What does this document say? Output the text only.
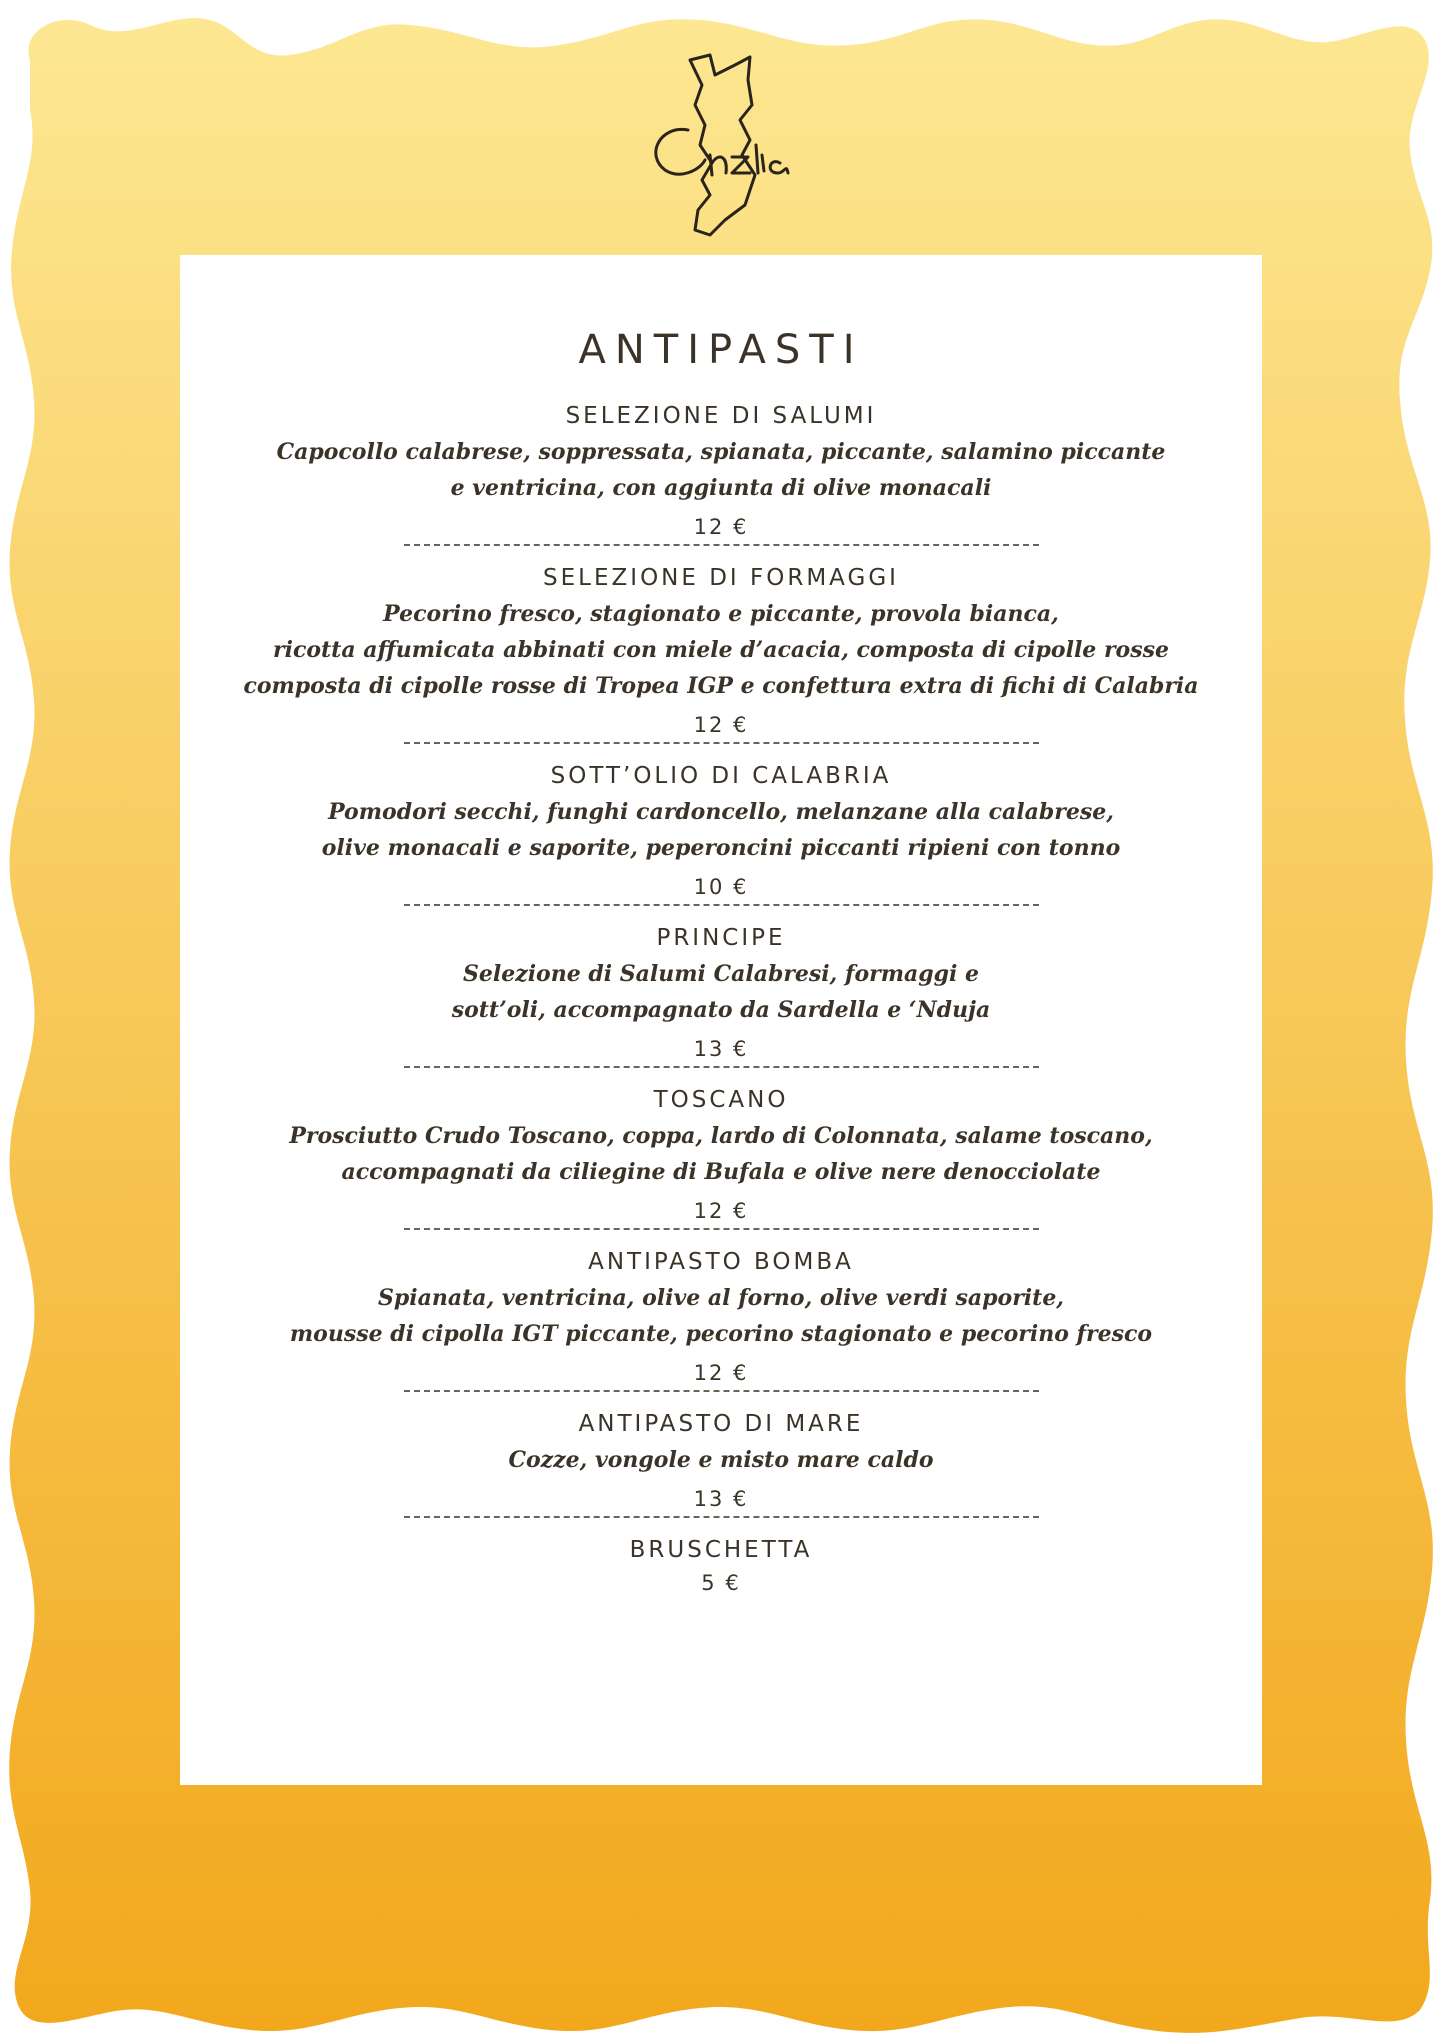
ANTIPASTI
SELEZIONE DI SALUMI
Capocollo calabrese, soppressata, spianata, piccante, salamino piccante
e ventricina, con aggiunta di olive monacali
12 €
SELEZIONE DI FORMAGGI
Pecorino fresco, stagionato e piccante, provola bianca,
ricotta affumicata abbinati con miele d’acacia, composta di cipolle rosse
composta di cipolle rosse di Tropea IGP e confettura extra di fichi di Calabria
12 €
SOTT’OLIO DI CALABRIA
Pomodori secchi, funghi cardoncello, melanzane alla calabrese,
olive monacali e saporite, peperoncini piccanti ripieni con tonno
10 €
PRINCIPE
Selezione di Salumi Calabresi, formaggi e
sott’oli, accompagnato da Sardella e ‘Nduja
13 €
TOSCANO
Prosciutto Crudo Toscano, coppa, lardo di Colonnata, salame toscano,
accompagnati da ciliegine di Bufala e olive nere denocciolate
12 €
ANTIPASTO BOMBA
Spianata, ventricina, olive al forno, olive verdi saporite,
mousse di cipolla IGT piccante, pecorino stagionato e pecorino fresco
12 €
ANTIPASTO DI MARE
Cozze, vongole e misto mare caldo
13 €
BRUSCHETTA
5 €
